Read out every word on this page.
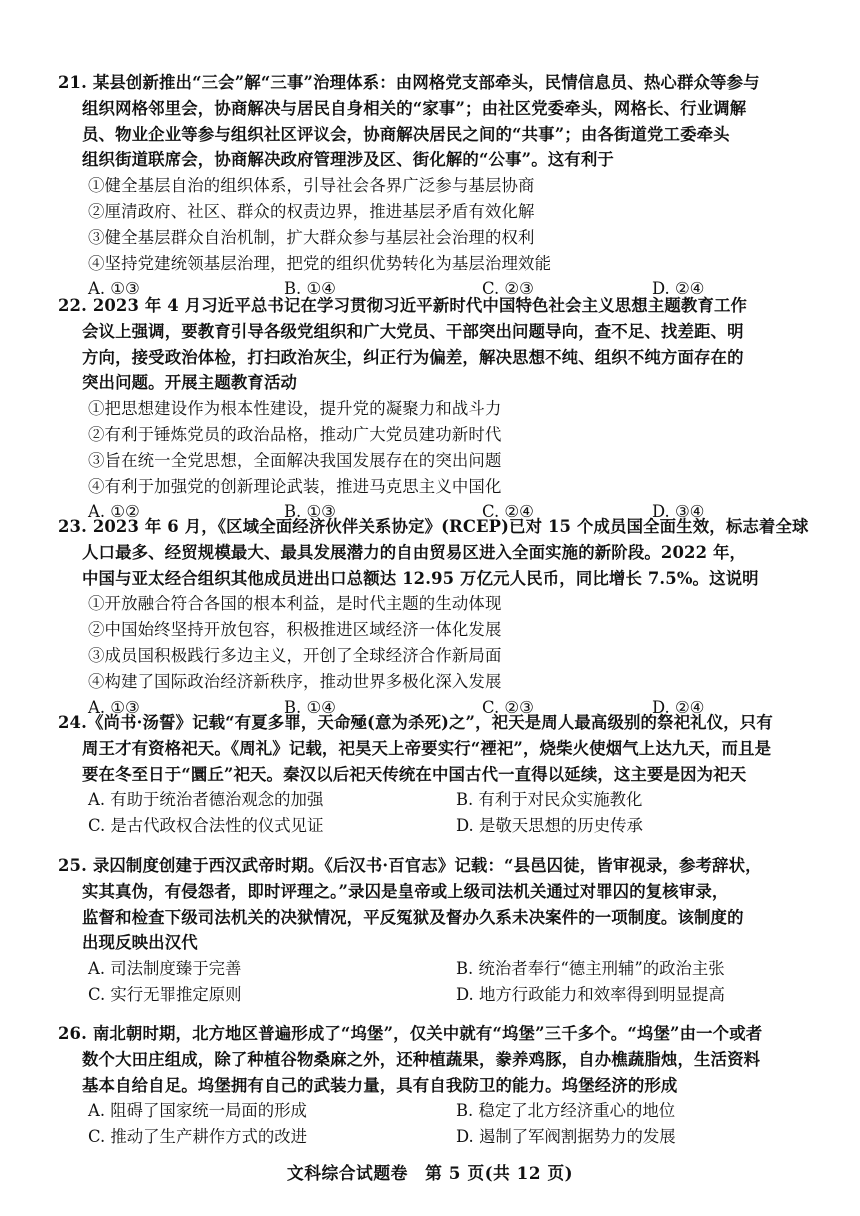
21. 某县创新推出“三会”解“三事”治理体系：由网格党支部牵头，民情信息员、热心群众等参与
组织网格邻里会，协商解决与居民自身相关的“家事”；由社区党委牵头，网格长、行业调解
员、物业企业等参与组织社区评议会，协商解决居民之间的“共事”；由各街道党工委牵头
组织街道联席会，协商解决政府管理涉及区、街化解的“公事”。这有利于
①健全基层自治的组织体系，引导社会各界广泛参与基层协商
②厘清政府、社区、群众的权责边界，推进基层矛盾有效化解
③健全基层群众自治机制，扩大群众参与基层社会治理的权利
④坚持党建统领基层治理，把党的组织优势转化为基层治理效能
A. ①③	B. ①④	C. ②③	D. ②④
22. 2023 年 4 月习近平总书记在学习贯彻习近平新时代中国特色社会主义思想主题教育工作
会议上强调，要教育引导各级党组织和广大党员、干部突出问题导向，查不足、找差距、明
方向，接受政治体检，打扫政治灰尘，纠正行为偏差，解决思想不纯、组织不纯方面存在的
突出问题。开展主题教育活动
①把思想建设作为根本性建设，提升党的凝聚力和战斗力
②有利于锤炼党员的政治品格，推动广大党员建功新时代
③旨在统一全党思想，全面解决我国发展存在的突出问题
④有利于加强党的创新理论武装，推进马克思主义中国化
A. ①②	B. ①③	C. ②④	D. ③④
23. 2023 年 6 月，《区域全面经济伙伴关系协定》(RCEP)已对 15 个成员国全面生效，标志着全球
人口最多、经贸规模最大、最具发展潜力的自由贸易区进入全面实施的新阶段。2022 年，
中国与亚太经合组织其他成员进出口总额达 12.95 万亿元人民币，同比增长 7.5%。这说明
①开放融合符合各国的根本利益，是时代主题的生动体现
②中国始终坚持开放包容，积极推进区域经济一体化发展
③成员国积极践行多边主义，开创了全球经济合作新局面
④构建了国际政治经济新秩序，推动世界多极化深入发展
A. ①③	B. ①④	C. ②③	D. ②④
24.《尚书·汤誓》记载“有夏多罪，天命殛(意为杀死)之”，祀天是周人最高级别的祭祀礼仪，只有
周王才有资格祀天。《周礼》记载，祀昊天上帝要实行“禋祀”，烧柴火使烟气上达九天，而且是
要在冬至日于“圜丘”祀天。秦汉以后祀天传统在中国古代一直得以延续，这主要是因为祀天
A. 有助于统治者德治观念的加强	B. 有利于对民众实施教化
C. 是古代政权合法性的仪式见证	D. 是敬天思想的历史传承
25. 录囚制度创建于西汉武帝时期。《后汉书·百官志》记载：“县邑囚徒，皆审视录，参考辞状，
实其真伪，有侵怨者，即时评理之。”录囚是皇帝或上级司法机关通过对罪囚的复核审录，
监督和检查下级司法机关的决狱情况，平反冤狱及督办久系未决案件的一项制度。该制度的
出现反映出汉代
A. 司法制度臻于完善	B. 统治者奉行“德主刑辅”的政治主张
C. 实行无罪推定原则	D. 地方行政能力和效率得到明显提高
26. 南北朝时期，北方地区普遍形成了“坞堡”，仅关中就有“坞堡”三千多个。“坞堡”由一个或者
数个大田庄组成，除了种植谷物桑麻之外，还种植蔬果，豢养鸡豚，自办樵蔬脂烛，生活资料
基本自给自足。坞堡拥有自己的武装力量，具有自我防卫的能力。坞堡经济的形成
A. 阻碍了国家统一局面的形成	B. 稳定了北方经济重心的地位
C. 推动了生产耕作方式的改进	D. 遏制了军阀割据势力的发展
文科综合试题卷　第 5 页(共 12 页)
